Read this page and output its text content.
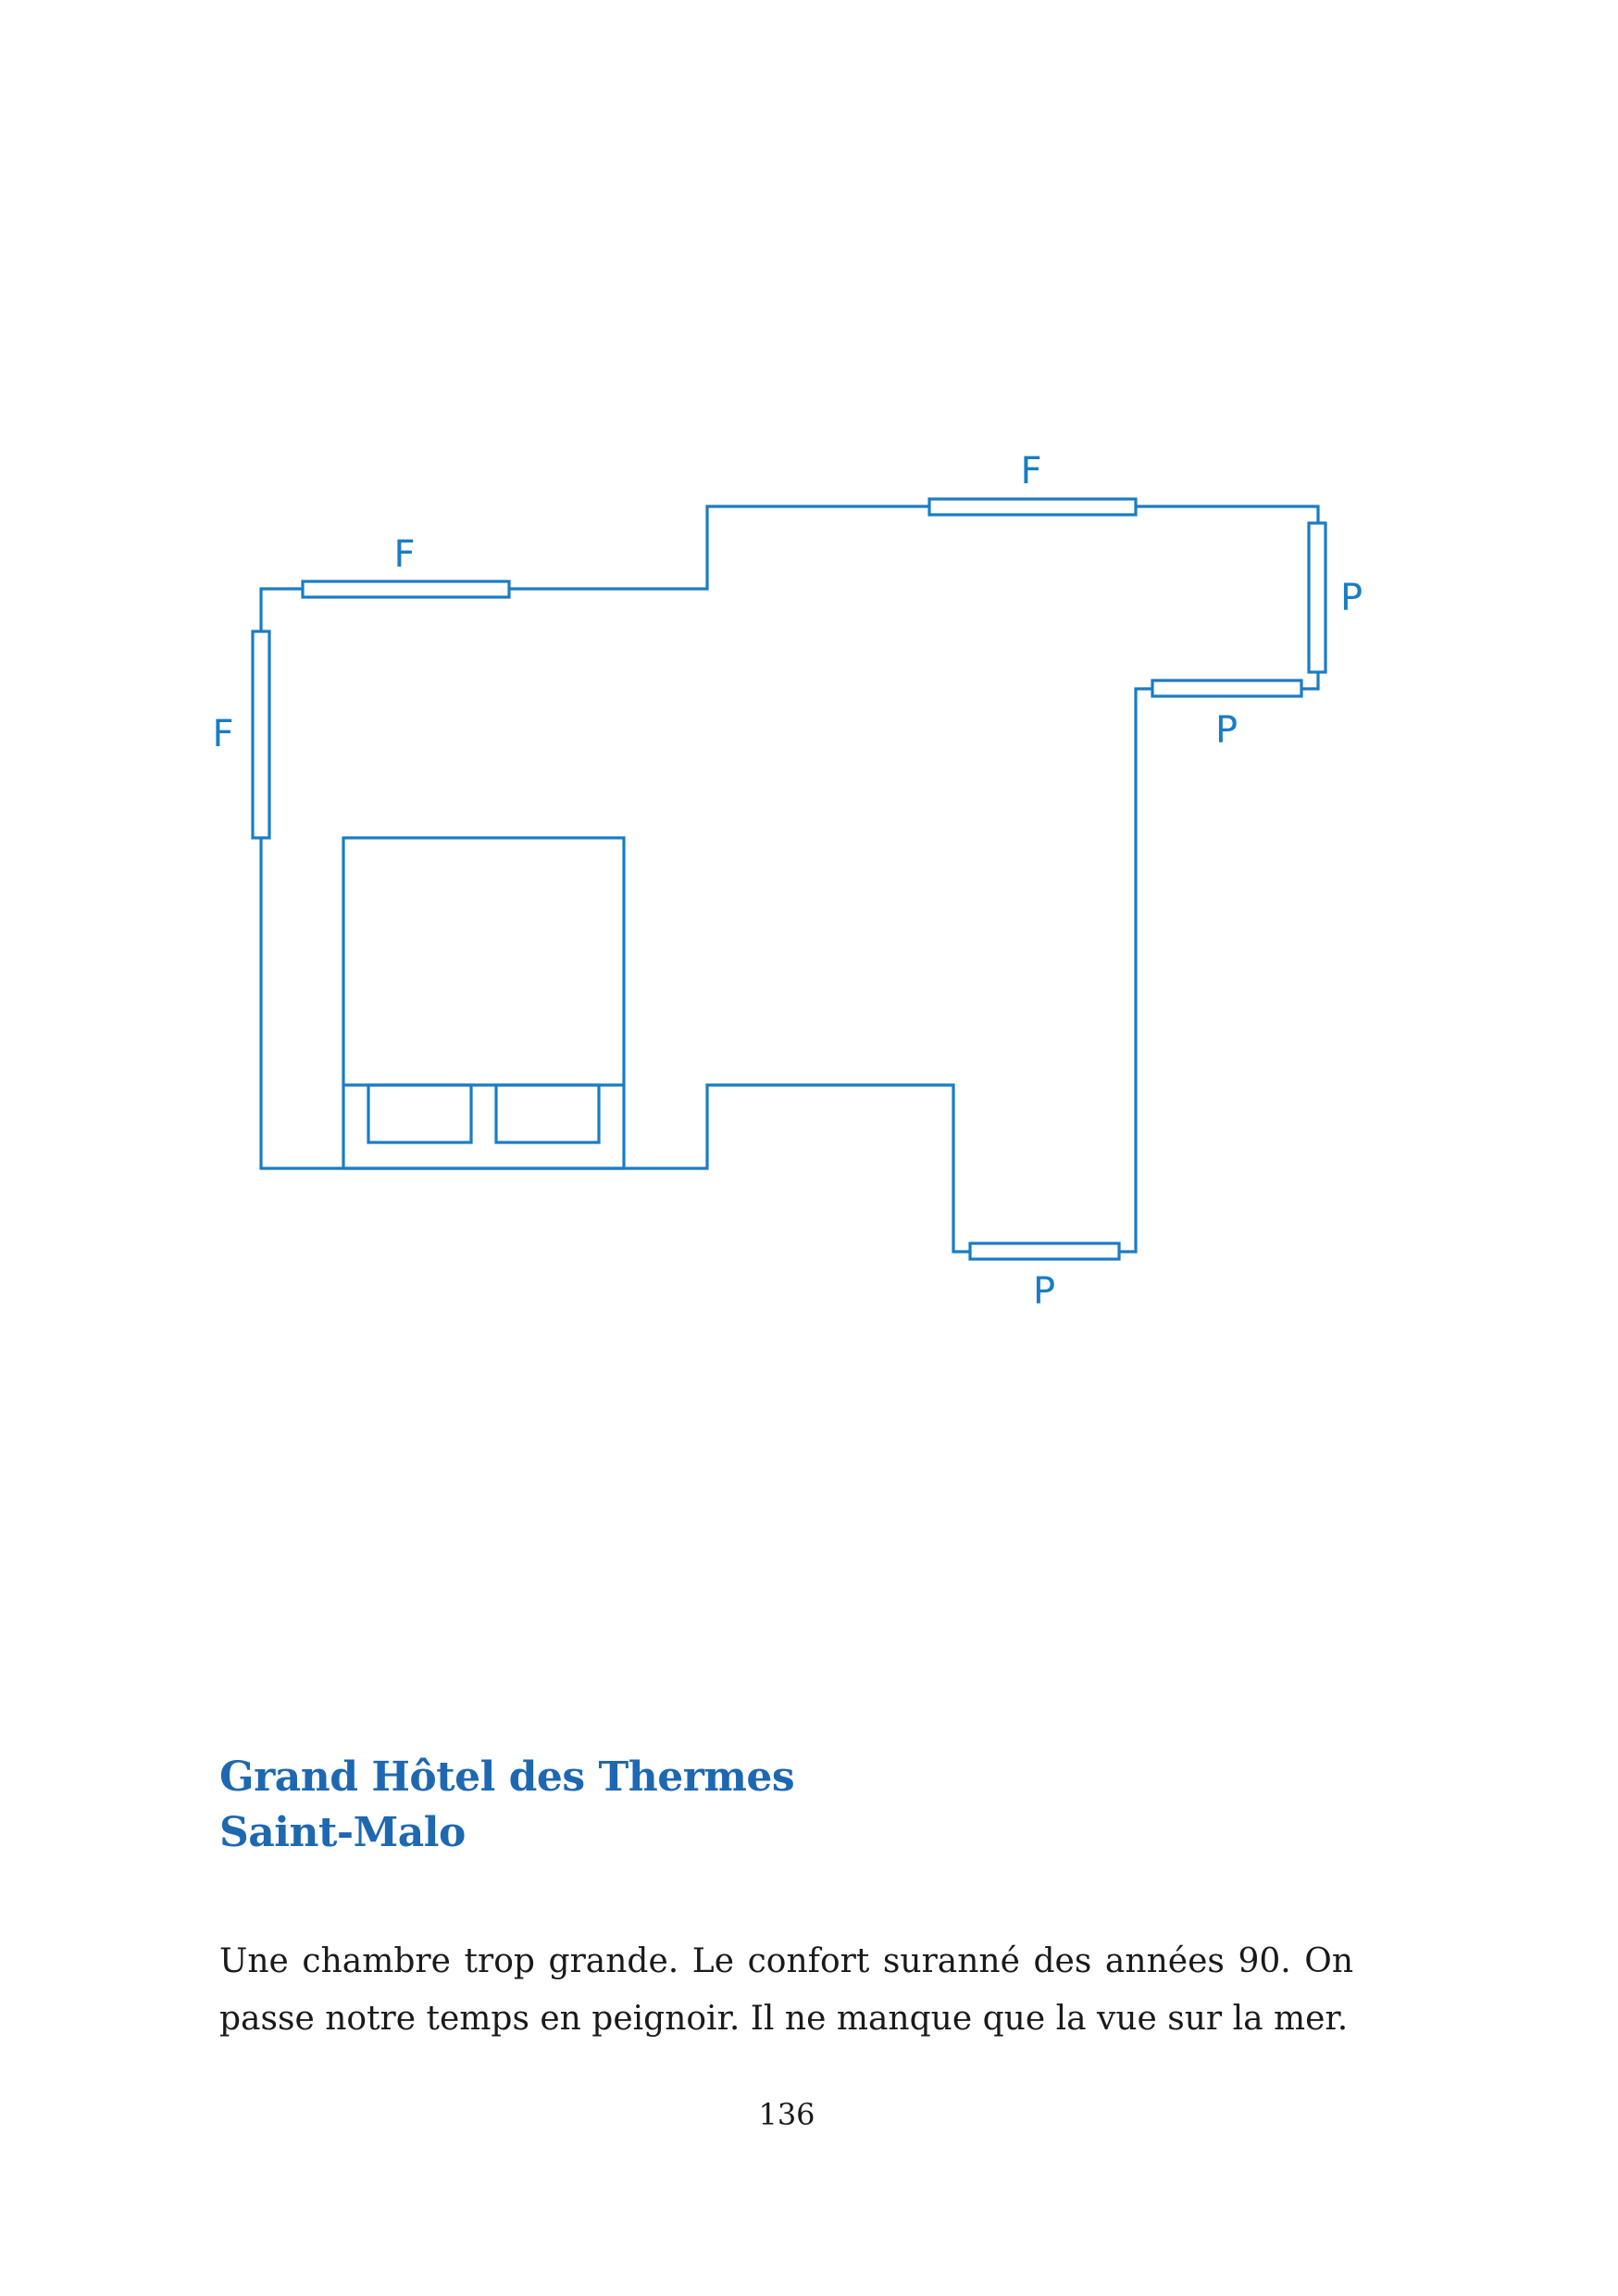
F
F
F
P
P
P
Grand Hôtel des Thermes
Saint-Malo

Une chambre trop grande. Le confort suranné des années 90. On passe notre temps en peignoir. Il ne manque que la vue sur la mer.

136
